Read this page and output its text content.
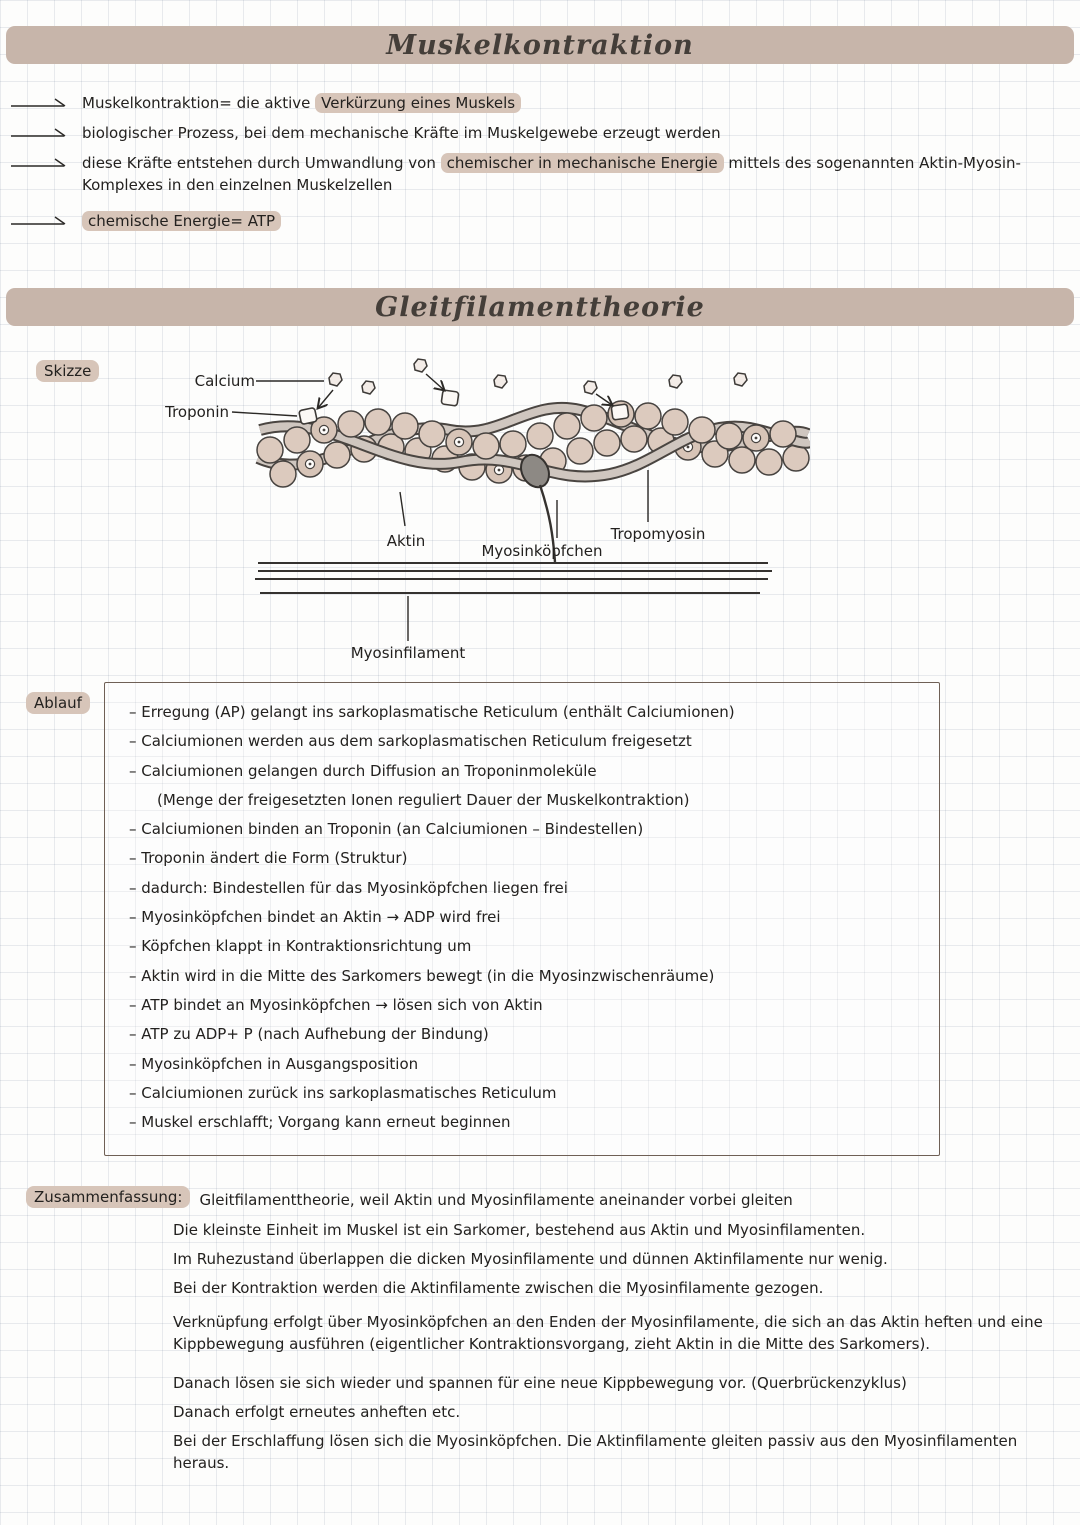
Muskelkontraktion

Muskelkontraktion= die aktive Verkürzung eines Muskels

biologischer Prozess, bei dem mechanische Kräfte im Muskelgewebe erzeugt werden

diese Kräfte entstehen durch Umwandlung von chemischer in mechanische Energie mittels des sogenannten Aktin-Myosin-Komplexes in den einzelnen Muskelzellen

chemische Energie= ATP

Gleitfilamenttheorie
Skizze
Calcium
Troponin
Aktin
Myosinköpfchen
Tropomyosin
Myosinfilament
Ablauf	– Erregung (AP) gelangt ins sarkoplasmatische Reticulum (enthält Calciumionen)
– Calciumionen werden aus dem sarkoplasmatischen Reticulum freigesetzt
– Calciumionen gelangen durch Diffusion an Troponinmoleküle
(Menge der freigesetzten Ionen reguliert Dauer der Muskelkontraktion)
– Calciumionen binden an Troponin (an Calciumionen – Bindestellen)
– Troponin ändert die Form (Struktur)
– dadurch: Bindestellen für das Myosinköpfchen liegen frei
– Myosinköpfchen bindet an Aktin → ADP wird frei
– Köpfchen klappt in Kontraktionsrichtung um
– Aktin wird in die Mitte des Sarkomers bewegt (in die Myosinzwischenräume)
– ATP bindet an Myosinköpfchen → lösen sich von Aktin
– ATP zu ADP+ P (nach Aufhebung der Bindung)
– Myosinköpfchen in Ausgangsposition
– Calciumionen zurück ins sarkoplasmatisches Reticulum
– Muskel erschlafft; Vorgang kann erneut beginnen
Zusammenfassung:	Gleitfilamenttheorie, weil Aktin und Myosinfilamente aneinander vorbei gleiten

Die kleinste Einheit im Muskel ist ein Sarkomer, bestehend aus Aktin und Myosinfilamenten.

Im Ruhezustand überlappen die dicken Myosinfilamente und dünnen Aktinfilamente nur wenig.

Bei der Kontraktion werden die Aktinfilamente zwischen die Myosinfilamente gezogen.

Verknüpfung erfolgt über Myosinköpfchen an den Enden der Myosinfilamente, die sich an das Aktin heften und eine Kippbewegung ausführen (eigentlicher Kontraktionsvorgang, zieht Aktin in die Mitte des Sarkomers).

Danach lösen sie sich wieder und spannen für eine neue Kippbewegung vor. (Querbrückenzyklus)

Danach erfolgt erneutes anheften etc.

Bei der Erschlaffung lösen sich die Myosinköpfchen. Die Aktinfilamente gleiten passiv aus den Myosinfilamenten heraus.
